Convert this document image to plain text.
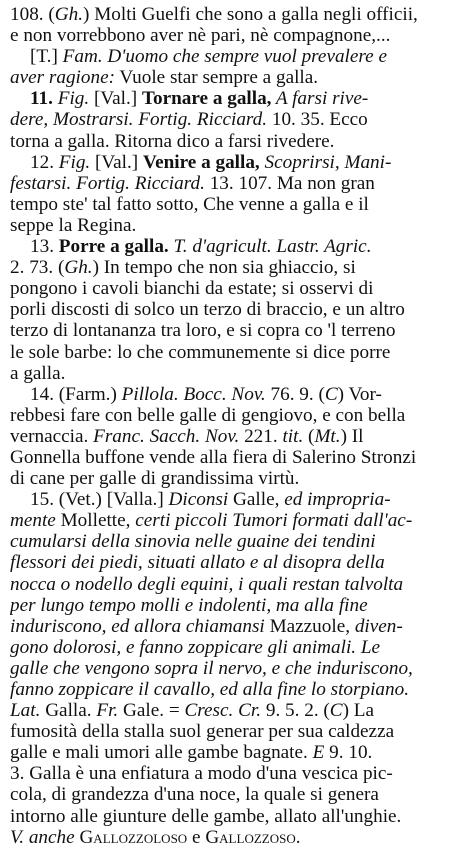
108. (Gh.) Molti Guelfi che sono a galla negli officii,
e non vorrebbono aver nè pari, nè compagnone,...
[T.] Fam. D'uomo che sempre vuol prevalere e
aver ragione: Vuole star sempre a galla.
11. Fig. [Val.] Tornare a galla, A farsi rive-
dere, Mostrarsi. Fortig. Ricciard. 10. 35. Ecco
torna a galla. Ritorna dico a farsi rivedere.
12. Fig. [Val.] Venire a galla, Scoprirsi, Mani-
festarsi. Fortig. Ricciard. 13. 107. Ma non gran
tempo ste' tal fatto sotto, Che venne a galla e il
seppe la Regina.
13. Porre a galla. T. d'agricult. Lastr. Agric.
2. 73. (Gh.) In tempo che non sia ghiaccio, si
pongono i cavoli bianchi da estate; si osservi di
porli discosti di solco un terzo di braccio, e un altro
terzo di lontananza tra loro, e si copra co 'l terreno
le sole barbe: lo che communemente si dice porre
a galla.
14. (Farm.) Pillola. Bocc. Nov. 76. 9. (C) Vor-
rebbesi fare con belle galle di gengiovo, e con bella
vernaccia. Franc. Sacch. Nov. 221. tit. (Mt.) Il
Gonnella buffone vende alla fiera di Salerino Stronzi
di cane per galle di grandissima virtù.
15. (Vet.) [Valla.] Diconsi Galle, ed impropria-
mente Mollette, certi piccoli Tumori formati dall'ac-
cumularsi della sinovia nelle guaine dei tendini
flessori dei piedi, situati allato e al disopra della
nocca o nodello degli equini, i quali restan talvolta
per lungo tempo molli e indolenti, ma alla fine
induriscono, ed allora chiamansi Mazzuole, diven-
gono dolorosi, e fanno zoppicare gli animali. Le
galle che vengono sopra il nervo, e che induriscono,
fanno zoppicare il cavallo, ed alla fine lo storpiano.
Lat. Galla. Fr. Gale. = Cresc. Cr. 9. 5. 2. (C) La
fumosità della stalla suol generar per sua caldezza
galle e mali umori alle gambe bagnate. E 9. 10.
3. Galla è una enfiatura a modo d'una vescica pic-
cola, di grandezza d'una noce, la quale si genera
intorno alle giunture delle gambe, allato all'unghie.
V. anche Gallozzoloso e Gallozzoso.
